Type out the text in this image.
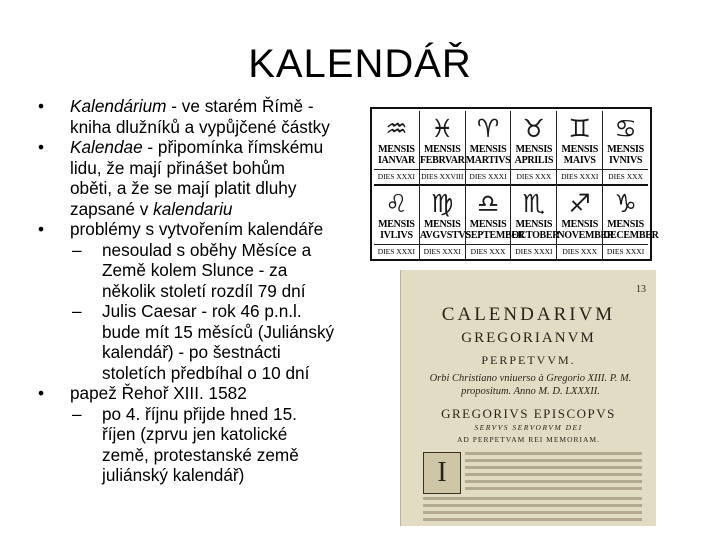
KALENDÁŘ
• Kalendárium - ve starém Římě -
kniha dlužníků a vypůjčené částky
• Kalendae - připomínka římskému
lidu, že mají přinášet bohům
oběti, a že se mají platit dluhy
zapsané v kalendariu
• problémy s vytvořením kalendáře
– nesoulad s oběhy Měsíce a
Země kolem Slunce - za
několik století rozdíl 79 dní
– Julis Caesar - rok 46 p.n.l.
bude mít 15 měsíců (Juliánský
kalendář) - po šestnácti
stoletích předbíhal o 10 dní
• papež Řehoř XIII. 1582
– po 4. říjnu přijde hned 15.
říjen (zprvu jen katolické
země, protestanské země
juliánský kalendář)
♒
MENSIS IANVAR
DIES XXXI
♓
MENSIS FEBRVAR
DIES XXVIII
♈
MENSIS MARTIVS
DIES XXXI
♉
MENSIS APRILIS
DIES XXX
♊
MENSIS MAIVS
DIES XXXI
♋
MENSIS IVNIVS
DIES XXX
♌
MENSIS IVLIVS
DIES XXXI
♍
MENSIS AVGVSTVS
DIES XXXI
♎
MENSIS SEPTEMBER
DIES XXX
♏
MENSIS OCTOBER
DIES XXXI
♐
MENSIS NOVEMBER
DIES XXX
♑
MENSIS DECEMBER
DIES XXXI
13
CALENDARIVM
GREGORIANVM
PERPETVVM.
Orbi Christiano vniuerso à Gregorio XIII. P. M. propositum. Anno M. D. LXXXII.
GREGORIVS EPISCOPVS
SERVVS SERVORVM DEI
AD PERPETVAM REI MEMORIAM.
I
